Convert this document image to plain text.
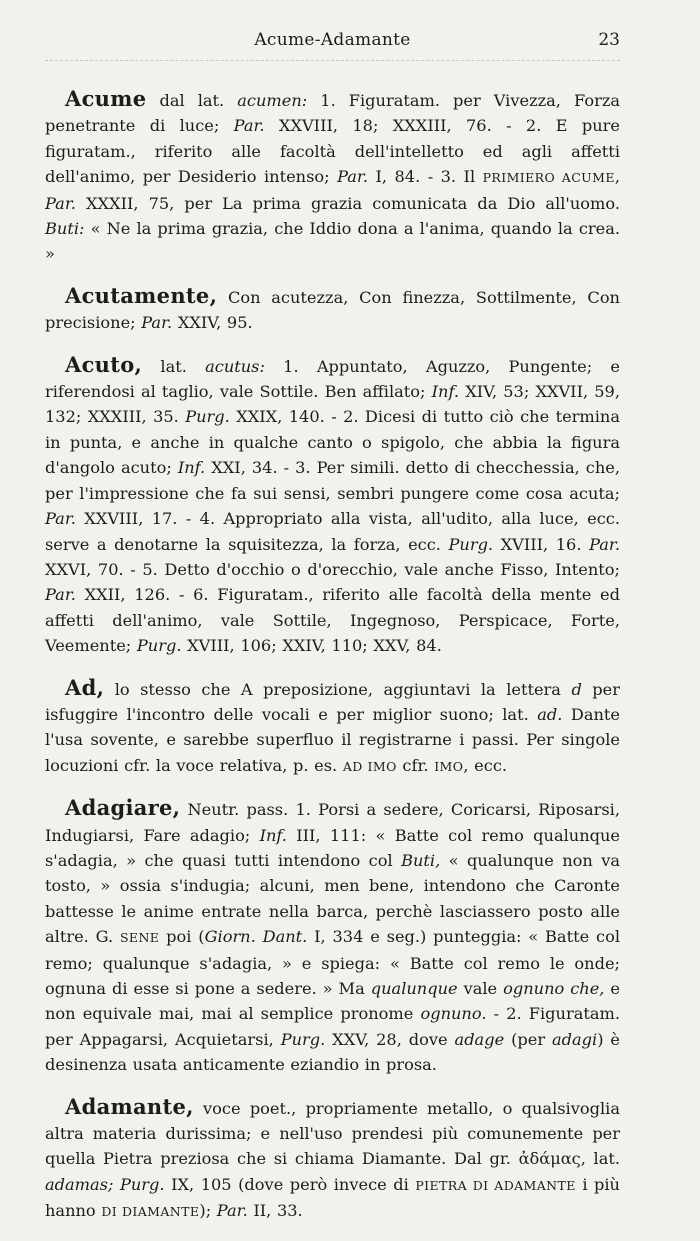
Acume-Adamante	23

Acume dal lat. acumen: 1. Figuratam. per Vivezza, Forza penetrante di luce; Par. XXVIII, 18; XXXIII, 76. - 2. E pure figuratam., riferito alle facoltà dell'intelletto ed agli affetti dell'animo, per Desiderio intenso; Par. I, 84. - 3. Il PRIMIERO ACUME, Par. XXXII, 75, per La prima grazia comunicata da Dio all'uomo. Buti: « Ne la prima grazia, che Iddio dona a l'anima, quando la crea. »

Acutamente, Con acutezza, Con finezza, Sottilmente, Con precisione; Par. XXIV, 95.

Acuto, lat. acutus: 1. Appuntato, Aguzzo, Pungente; e riferendosi al taglio, vale Sottile. Ben affilato; Inf. XIV, 53; XXVII, 59, 132; XXXIII, 35. Purg. XXIX, 140. - 2. Dicesi di tutto ciò che termina in punta, e anche in qualche canto o spigolo, che abbia la figura d'angolo acuto; Inf. XXI, 34. - 3. Per simili. detto di checchessia, che, per l'impressione che fa sui sensi, sembri pungere come cosa acuta; Par. XXVIII, 17. - 4. Appropriato alla vista, all'udito, alla luce, ecc. serve a denotarne la squisitezza, la forza, ecc. Purg. XVIII, 16. Par. XXVI, 70. - 5. Detto d'occhio o d'orecchio, vale anche Fisso, Intento; Par. XXII, 126. - 6. Figuratam., riferito alle facoltà della mente ed affetti dell'animo, vale Sottile, Ingegnoso, Perspicace, Forte, Veemente; Purg. XVIII, 106; XXIV, 110; XXV, 84.

Ad, lo stesso che A preposizione, aggiuntavi la lettera d per isfuggire l'incontro delle vocali e per miglior suono; lat. ad. Dante l'usa sovente, e sarebbe superfluo il registrarne i passi. Per singole locuzioni cfr. la voce relativa, p. es. AD IMO cfr. IMO, ecc.

Adagiare, Neutr. pass. 1. Porsi a sedere, Coricarsi, Riposarsi, Indugiarsi, Fare adagio; Inf. III, 111: « Batte col remo qualunque s'adagia, » che quasi tutti intendono col Buti, « qualunque non va tosto, » ossia s'indugia; alcuni, men bene, intendono che Caronte battesse le anime entrate nella barca, perchè lasciassero posto alle altre. G. SENE poi (Giorn. Dant. I, 334 e seg.) punteggia: « Batte col remo; qualunque s'adagia, » e spiega: « Batte col remo le onde; ognuna di esse si pone a sedere. » Ma qualunque vale ognuno che, e non equivale mai, mai al semplice pronome ognuno. - 2. Figuratam. per Appagarsi, Acquietarsi, Purg. XXV, 28, dove adage (per adagi) è desinenza usata anticamente eziandio in prosa.

Adamante, voce poet., propriamente metallo, o qualsivoglia altra materia durissima; e nell'uso prendesi più comunemente per quella Pietra preziosa che si chiama Diamante. Dal gr. ἀδάμας, lat. adamas; Purg. IX, 105 (dove però invece di PIETRA DI ADAMANTE i più hanno DI DIAMANTE); Par. II, 33.
